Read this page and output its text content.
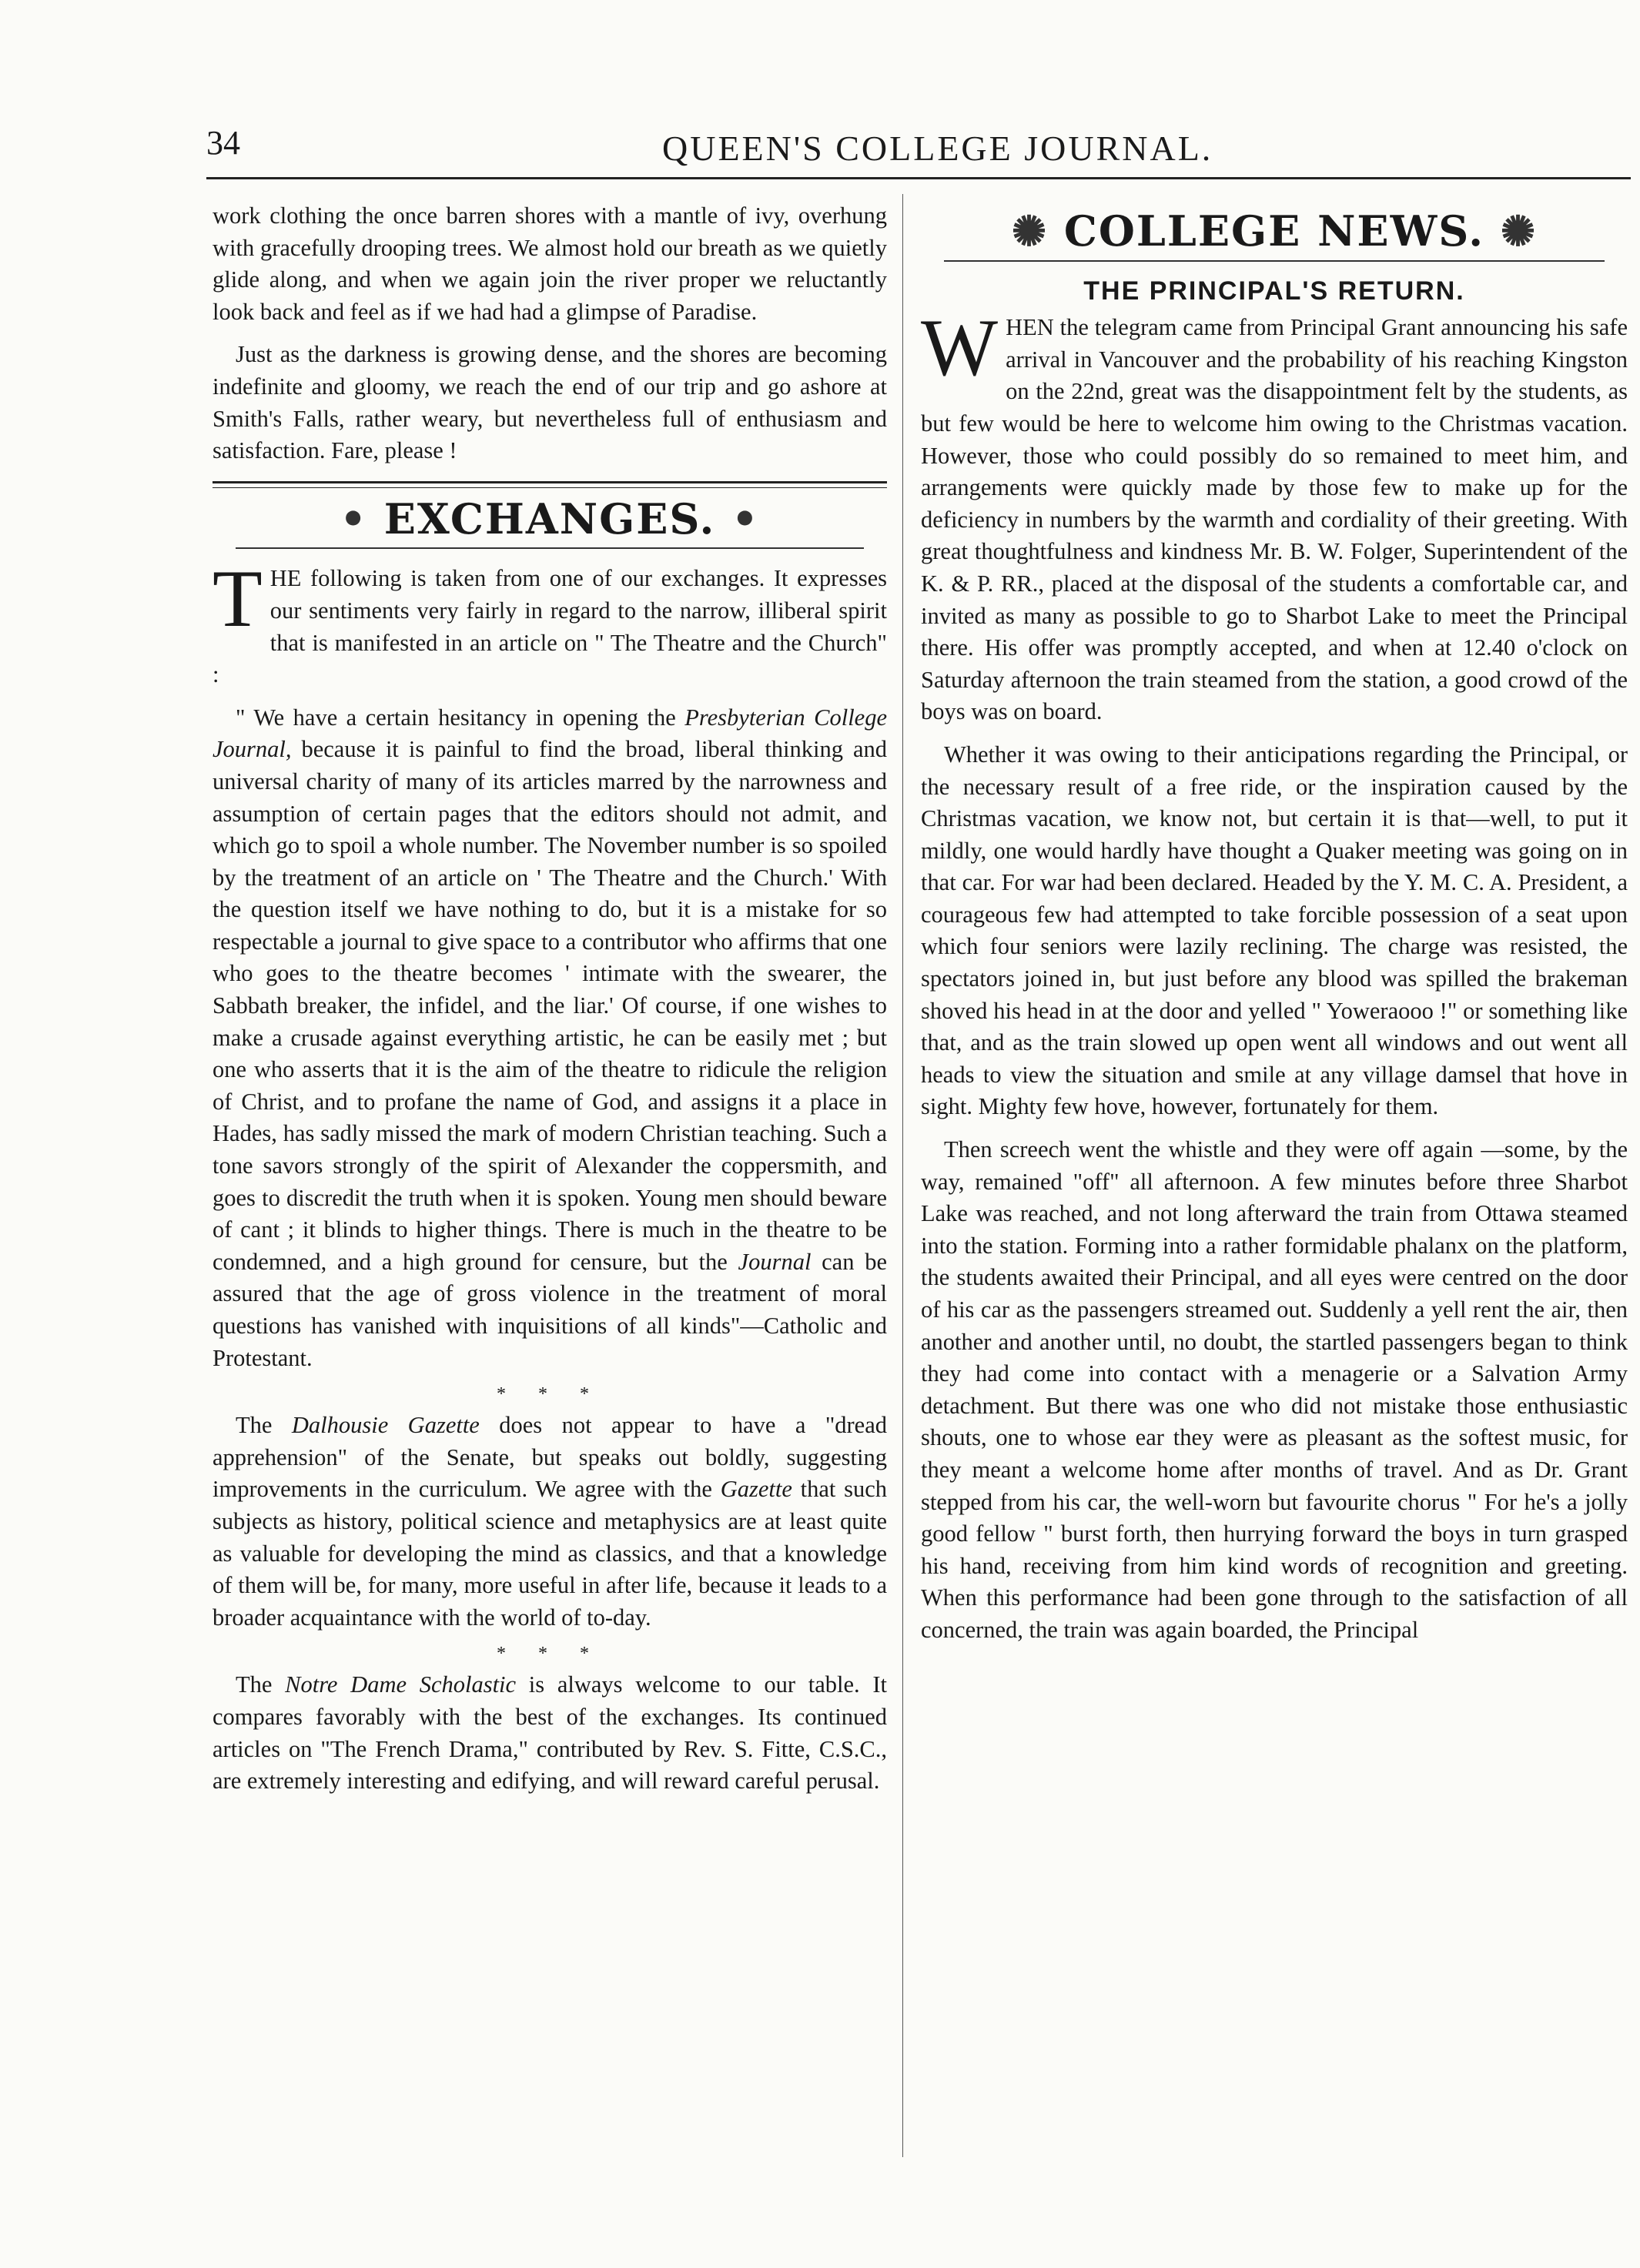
34	QUEEN'S COLLEGE JOURNAL.

work clothing the once barren shores with a mantle of ivy, overhung with gracefully drooping trees. We almost hold our breath as we quietly glide along, and when we again join the river proper we reluctantly look back and feel as if we had had a glimpse of Paradise.

Just as the darkness is growing dense, and the shores are becoming indefinite and gloomy, we reach the end of our trip and go ashore at Smith's Falls, rather weary, but nevertheless full of enthusiasm and satisfaction. Fare, please !

• EXCHANGES. •

THE following is taken from one of our exchanges. It expresses our sentiments very fairly in regard to the narrow, illiberal spirit that is manifested in an article on " The Theatre and the Church" :

" We have a certain hesitancy in opening the Presbyterian College Journal, because it is painful to find the broad, liberal thinking and universal charity of many of its articles marred by the narrowness and assumption of certain pages that the editors should not admit, and which go to spoil a whole number. The November number is so spoiled by the treatment of an article on ' The Theatre and the Church.' With the question itself we have nothing to do, but it is a mistake for so respectable a journal to give space to a contributor who affirms that one who goes to the theatre becomes ' intimate with the swearer, the Sabbath breaker, the infidel, and the liar.' Of course, if one wishes to make a crusade against everything artistic, he can be easily met ; but one who asserts that it is the aim of the theatre to ridicule the religion of Christ, and to profane the name of God, and assigns it a place in Hades, has sadly missed the mark of modern Christian teaching. Such a tone savors strongly of the spirit of Alexander the coppersmith, and goes to discredit the truth when it is spoken. Young men should beware of cant ; it blinds to higher things. There is much in the theatre to be condemned, and a high ground for censure, but the Journal can be assured that the age of gross violence in the treatment of moral questions has vanished with inquisitions of all kinds"—Catholic and Protestant.

* * *

The Dalhousie Gazette does not appear to have a "dread apprehension" of the Senate, but speaks out boldly, suggesting improvements in the curriculum. We agree with the Gazette that such subjects as history, political science and metaphysics are at least quite as valuable for developing the mind as classics, and that a knowledge of them will be, for many, more useful in after life, because it leads to a broader acquaintance with the world of to-day.

* * *

The Notre Dame Scholastic is always welcome to our table. It compares favorably with the best of the exchanges. Its continued articles on "The French Drama," contributed by Rev. S. Fitte, C.S.C., are extremely interesting and edifying, and will reward careful perusal.

✺ COLLEGE NEWS. ✺
THE PRINCIPAL'S RETURN.

WHEN the telegram came from Principal Grant announcing his safe arrival in Vancouver and the probability of his reaching Kingston on the 22nd, great was the disappointment felt by the students, as but few would be here to welcome him owing to the Christmas vacation. However, those who could possibly do so remained to meet him, and arrangements were quickly made by those few to make up for the deficiency in numbers by the warmth and cordiality of their greeting. With great thoughtfulness and kindness Mr. B. W. Folger, Superintendent of the K. & P. RR., placed at the disposal of the students a comfortable car, and invited as many as possible to go to Sharbot Lake to meet the Principal there. His offer was promptly accepted, and when at 12.40 o'clock on Saturday afternoon the train steamed from the station, a good crowd of the boys was on board.

Whether it was owing to their anticipations regarding the Principal, or the necessary result of a free ride, or the inspiration caused by the Christmas vacation, we know not, but certain it is that—well, to put it mildly, one would hardly have thought a Quaker meeting was going on in that car. For war had been declared. Headed by the Y. M. C. A. President, a courageous few had attempted to take forcible possession of a seat upon which four seniors were lazily reclining. The charge was resisted, the spectators joined in, but just before any blood was spilled the brakeman shoved his head in at the door and yelled " Yoweraooo !" or something like that, and as the train slowed up open went all windows and out went all heads to view the situation and smile at any village damsel that hove in sight. Mighty few hove, however, fortunately for them.

Then screech went the whistle and they were off again —some, by the way, remained "off" all afternoon. A few minutes before three Sharbot Lake was reached, and not long afterward the train from Ottawa steamed into the station. Forming into a rather formidable phalanx on the platform, the students awaited their Principal, and all eyes were centred on the door of his car as the passengers streamed out. Suddenly a yell rent the air, then another and another until, no doubt, the startled passengers began to think they had come into contact with a menagerie or a Salvation Army detachment. But there was one who did not mistake those enthusiastic shouts, one to whose ear they were as pleasant as the softest music, for they meant a welcome home after months of travel. And as Dr. Grant stepped from his car, the well-worn but favourite chorus " For he's a jolly good fellow " burst forth, then hurrying forward the boys in turn grasped his hand, receiving from him kind words of recognition and greeting. When this performance had been gone through to the satisfaction of all concerned, the train was again boarded, the Principal
